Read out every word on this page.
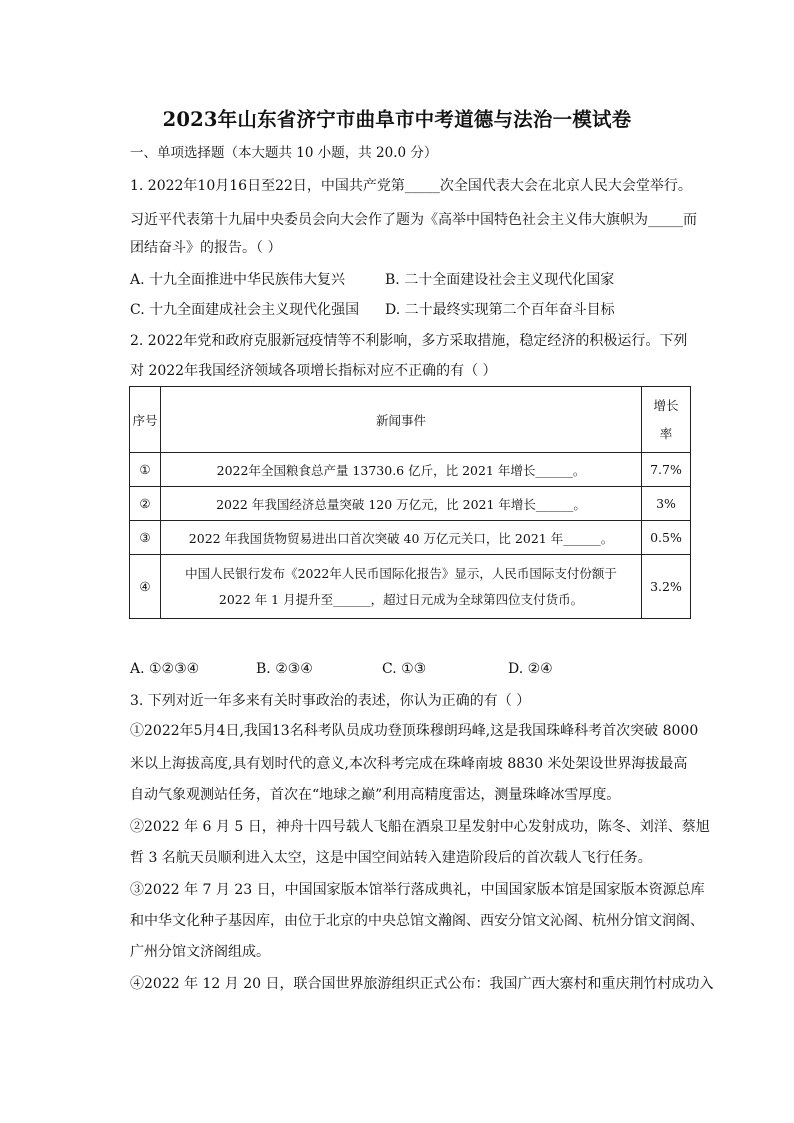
2023年山东省济宁市曲阜市中考道德与法治一模试卷
一、单项选择题（本大题共 10 小题，共 20.0 分）
1. 2022年10月16日至22日，中国共产党第_____次全国代表大会在北京人民大会堂举行。
习近平代表第十九届中央委员会向大会作了题为《高举中国特色社会主义伟大旗帜为_____而
团结奋斗》的报告。（ ）
A. 十九全面推进中华民族伟大复兴	B. 二十全面建设社会主义现代化国家
C. 十九全面建成社会主义现代化强国 D. 二十最终实现第二个百年奋斗目标
2. 2022年党和政府克服新冠疫情等不利影响，多方采取措施，稳定经济的积极运行。下列
对 2022年我国经济领域各项增长指标对应不正确的有（ ）
序号	新闻事件	增长
率

①	2022年全国粮食总产量 13730.6 亿斤，比 2021 年增长______。	7.7%
②	2022 年我国经济总量突破 120 万亿元，比 2021 年增长______。	3%
③	2022 年我国货物贸易进出口首次突破 40 万亿元关口，比 2021 年______。	0.5%
④	中国人民银行发布《2022年人民币国际化报告》显示，人民币国际支付份额于
2022 年 1 月提升至______，超过日元成为全球第四位支付货币。	3.2%
A. ①②③④	B. ②③④	C. ①③	D. ②④
3. 下列对近一年多来有关时事政治的表述，你认为正确的有（ ）
①2022年5月4日,我国13名科考队员成功登顶珠穆朗玛峰,这是我国珠峰科考首次突破 8000
米以上海拔高度,具有划时代的意义,本次科考完成在珠峰南坡 8830 米处架设世界海拔最高
自动气象观测站任务，首次在“地球之巅”利用高精度雷达，测量珠峰冰雪厚度。
②2022 年 6 月 5 日，神舟十四号载人飞船在酒泉卫星发射中心发射成功，陈冬、刘洋、蔡旭
哲 3 名航天员顺利进入太空，这是中国空间站转入建造阶段后的首次载人飞行任务。
③2022 年 7 月 23 日，中国国家版本馆举行落成典礼，中国国家版本馆是国家版本资源总库
和中华文化种子基因库，由位于北京的中央总馆文瀚阁、西安分馆文沁阁、杭州分馆文润阁、
广州分馆文济阁组成。
④2022 年 12 月 20 日，联合国世界旅游组织正式公布：我国广西大寨村和重庆荆竹村成功入
